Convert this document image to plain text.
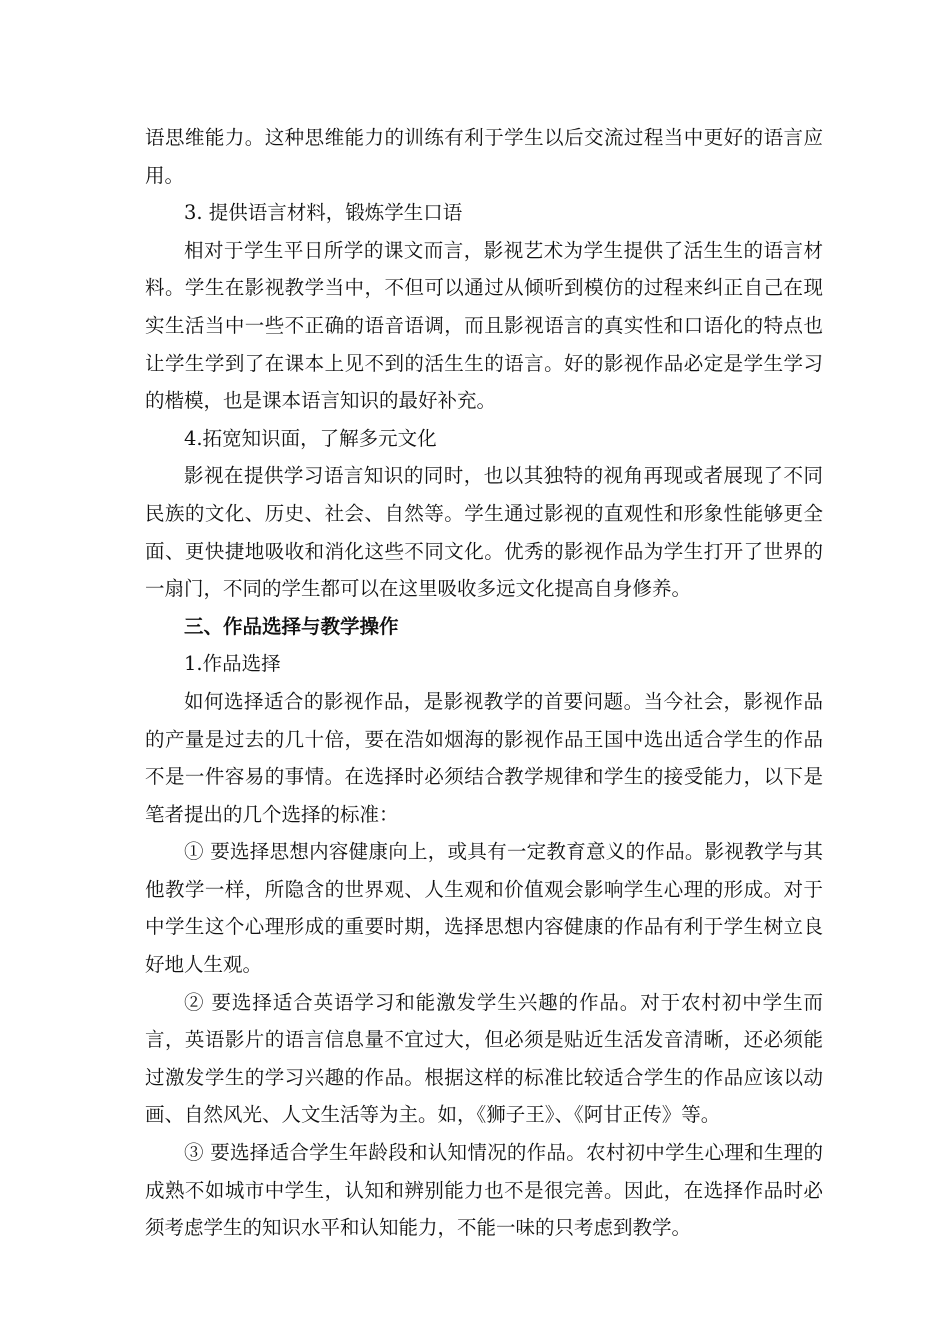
语思维能力。这种思维能力的训练有利于学生以后交流过程当中更好的语言应用。

3. 提供语言材料，锻炼学生口语

相对于学生平日所学的课文而言，影视艺术为学生提供了活生生的语言材料。学生在影视教学当中，不但可以通过从倾听到模仿的过程来纠正自己在现实生活当中一些不正确的语音语调，而且影视语言的真实性和口语化的特点也让学生学到了在课本上见不到的活生生的语言。好的影视作品必定是学生学习的楷模，也是课本语言知识的最好补充。

4.拓宽知识面，了解多元文化

影视在提供学习语言知识的同时，也以其独特的视角再现或者展现了不同民族的文化、历史、社会、自然等。学生通过影视的直观性和形象性能够更全面、更快捷地吸收和消化这些不同文化。优秀的影视作品为学生打开了世界的一扇门，不同的学生都可以在这里吸收多远文化提高自身修养。

三、作品选择与教学操作

1.作品选择

如何选择适合的影视作品，是影视教学的首要问题。当今社会，影视作品的产量是过去的几十倍，要在浩如烟海的影视作品王国中选出适合学生的作品不是一件容易的事情。在选择时必须结合教学规律和学生的接受能力，以下是笔者提出的几个选择的标准：

① 要选择思想内容健康向上，或具有一定教育意义的作品。影视教学与其他教学一样，所隐含的世界观、人生观和价值观会影响学生心理的形成。对于中学生这个心理形成的重要时期，选择思想内容健康的作品有利于学生树立良好地人生观。

② 要选择适合英语学习和能激发学生兴趣的作品。对于农村初中学生而言，英语影片的语言信息量不宜过大，但必须是贴近生活发音清晰，还必须能过激发学生的学习兴趣的作品。根据这样的标准比较适合学生的作品应该以动画、自然风光、人文生活等为主。如，《狮子王》、《阿甘正传》等。

③ 要选择适合学生年龄段和认知情况的作品。农村初中学生心理和生理的成熟不如城市中学生，认知和辨别能力也不是很完善。因此，在选择作品时必须考虑学生的知识水平和认知能力，不能一味的只考虑到教学。
